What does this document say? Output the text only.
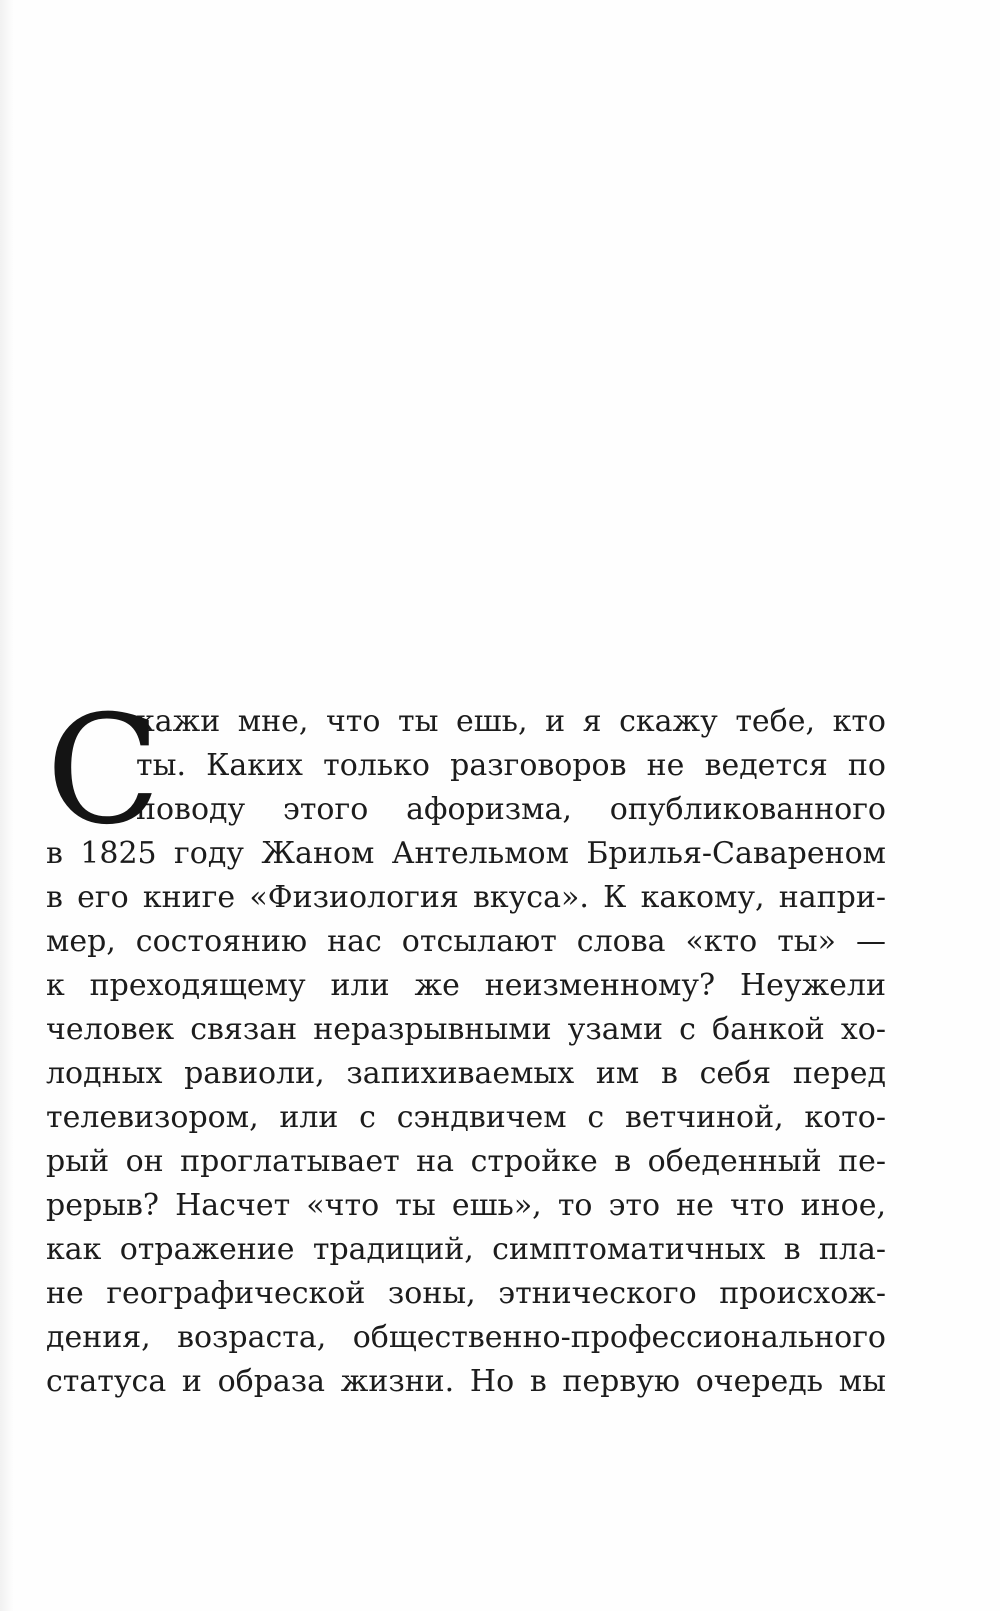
С
кажи мне, что ты ешь, и я скажу тебе, кто
ты. Каких только разговоров не ведется по
поводу этого афоризма, опубликованного
в 1825 году Жаном Антельмом Брилья-Савареном
в его книге «Физиология вкуса». К какому, напри-
мер, состоянию нас отсылают слова «кто ты» —
к преходящему или же неизменному? Неужели
человек связан неразрывными узами с банкой хо-
лодных равиоли, запихиваемых им в себя перед
телевизором, или с сэндвичем с ветчиной, кото-
рый он проглатывает на стройке в обеденный пе-
рерыв? Насчет «что ты ешь», то это не что иное,
как отражение традиций, симптоматичных в пла-
не географической зоны, этнического происхож-
дения, возраста, общественно-профессионального
статуса и образа жизни. Но в первую очередь мы
